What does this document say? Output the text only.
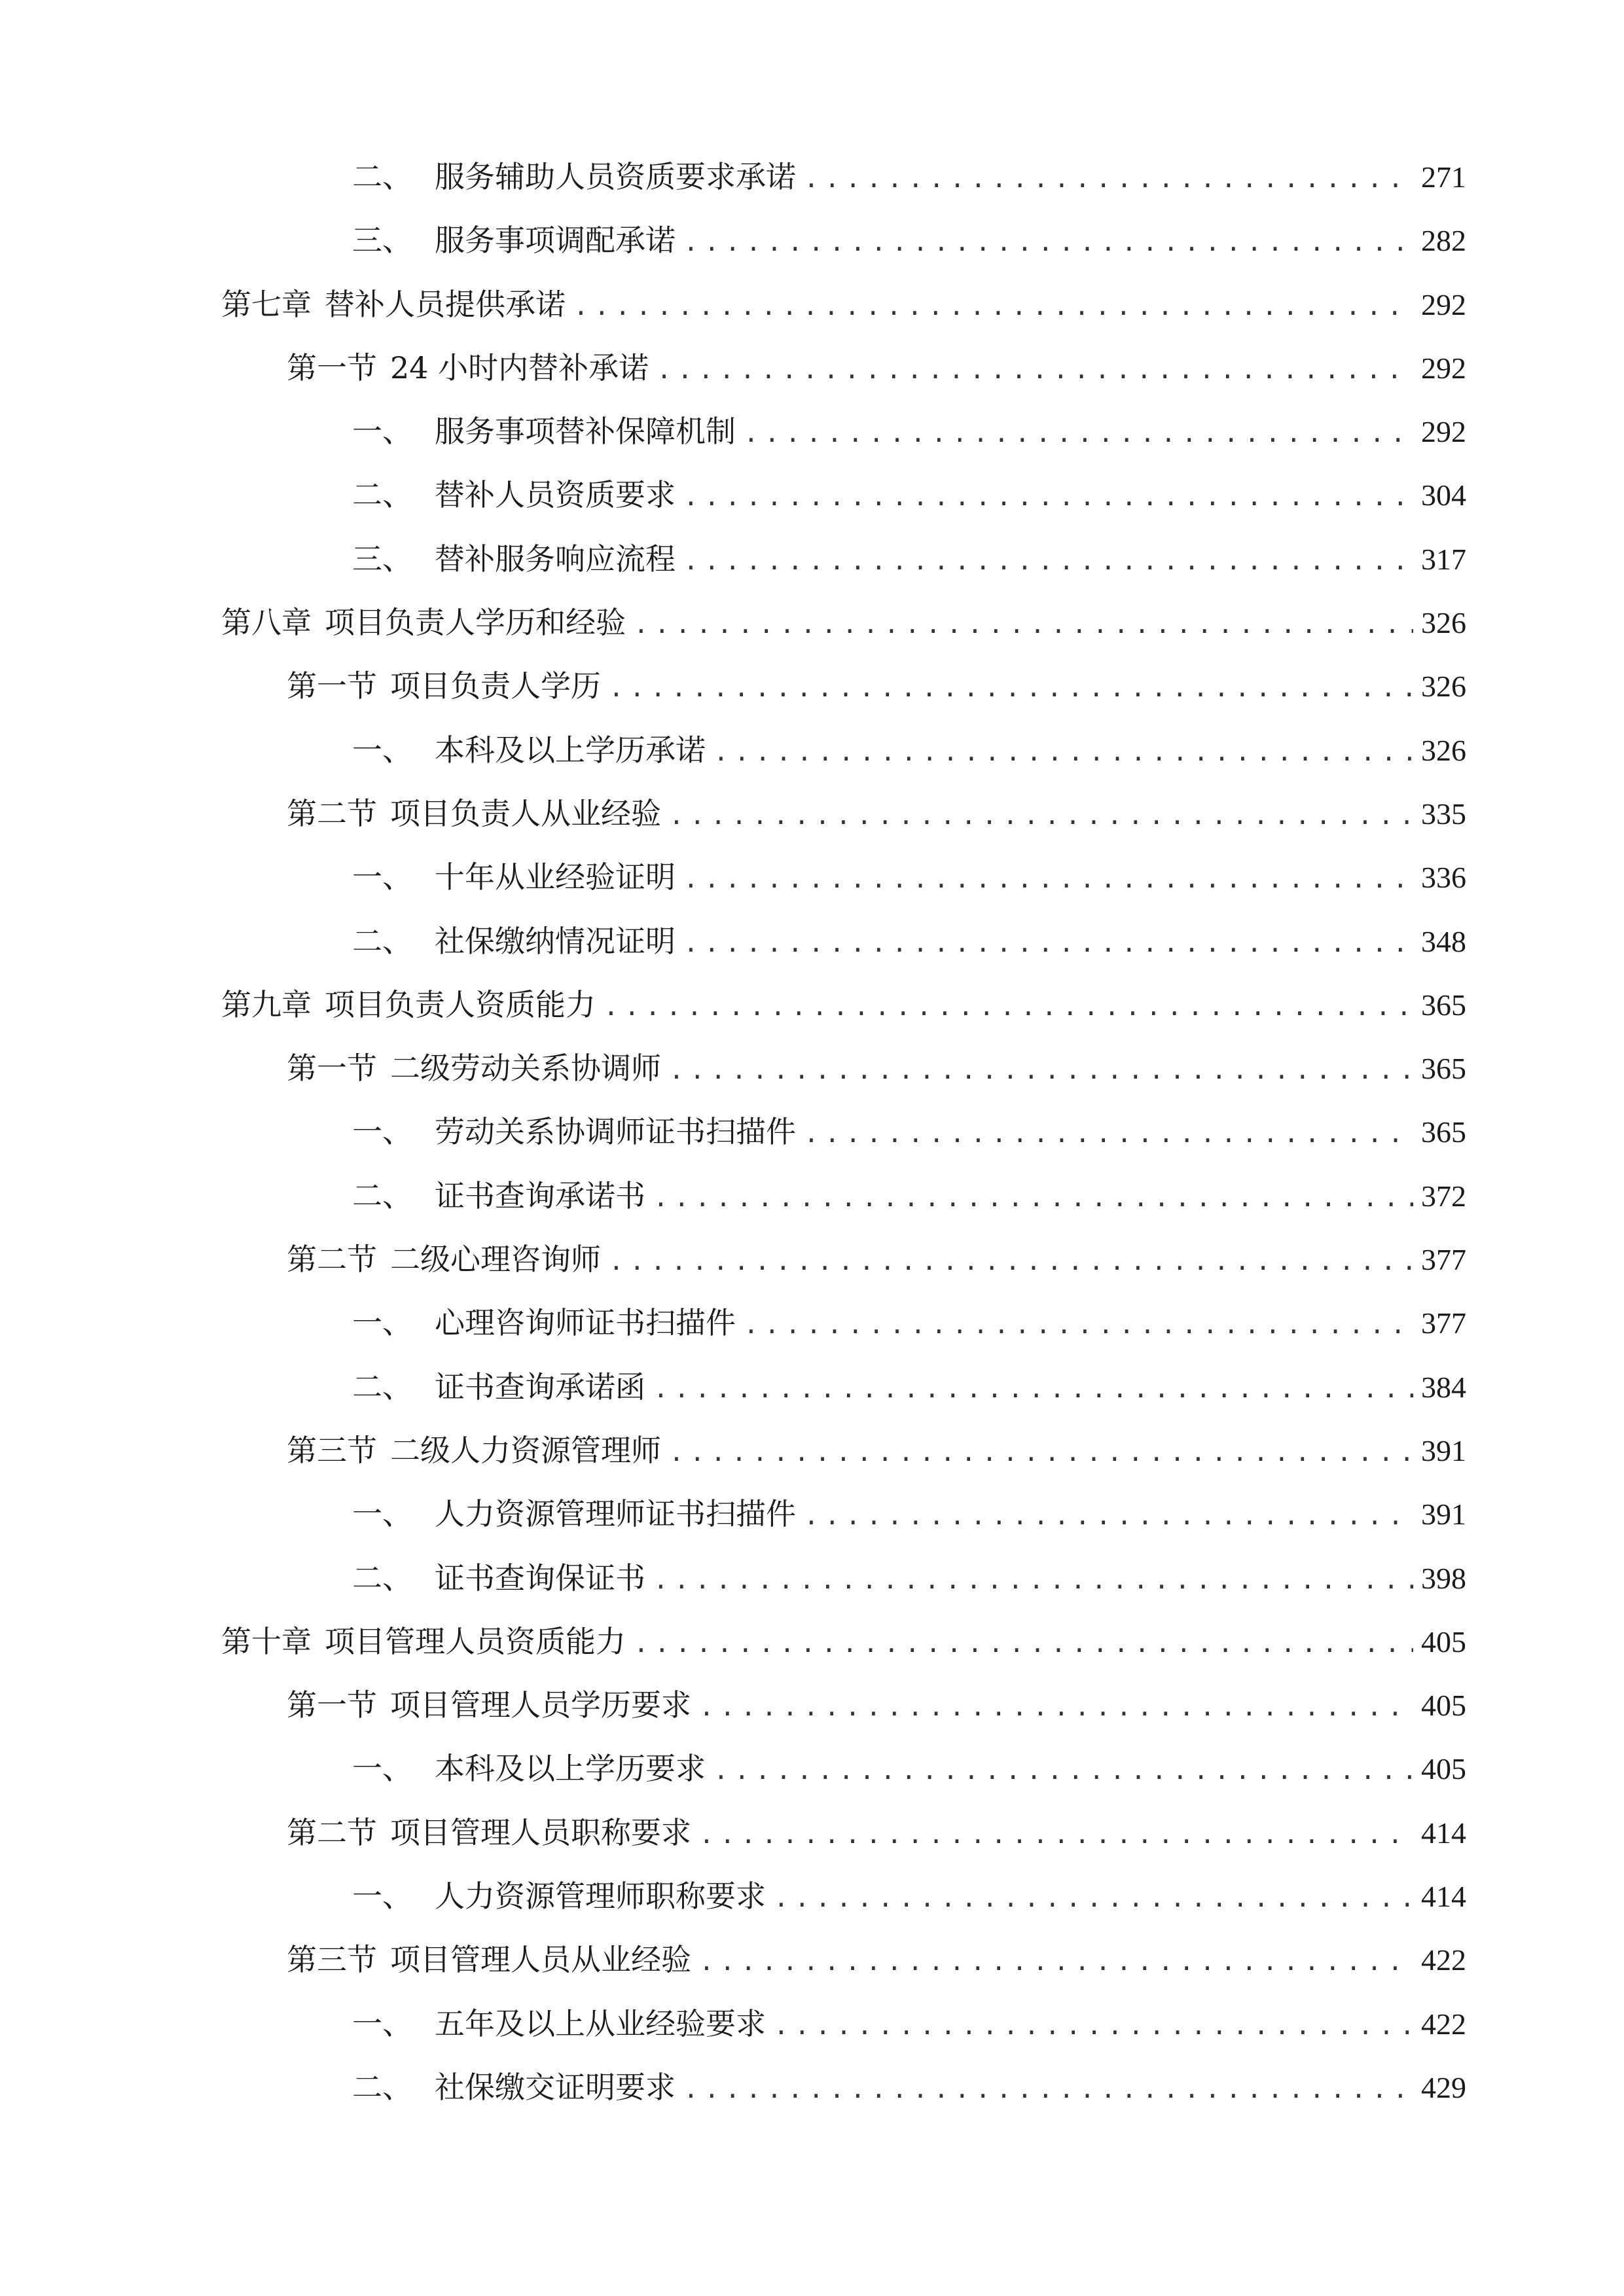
二、 服务辅助人员资质要求承诺 .....	271
三、 服务事项调配承诺 .....	282
第七章 替补人员提供承诺 .....	292
第一节 24 小时内替补承诺 .....	292
一、 服务事项替补保障机制 .....	292
二、 替补人员资质要求 .....	304
三、 替补服务响应流程 .....	317
第八章 项目负责人学历和经验 .....	326
第一节 项目负责人学历 .....	326
一、 本科及以上学历承诺 .....	326
第二节 项目负责人从业经验 .....	335
一、 十年从业经验证明 .....	336
二、 社保缴纳情况证明 .....	348
第九章 项目负责人资质能力 .....	365
第一节 二级劳动关系协调师 .....	365
一、 劳动关系协调师证书扫描件 .....	365
二、 证书查询承诺书 .....	372
第二节 二级心理咨询师 .....	377
一、 心理咨询师证书扫描件 .....	377
二、 证书查询承诺函 .....	384
第三节 二级人力资源管理师 .....	391
一、 人力资源管理师证书扫描件 .....	391
二、 证书查询保证书 .....	398
第十章 项目管理人员资质能力 .....	405
第一节 项目管理人员学历要求 .....	405
一、 本科及以上学历要求 .....	405
第二节 项目管理人员职称要求 .....	414
一、 人力资源管理师职称要求 .....	414
第三节 项目管理人员从业经验 .....	422
一、 五年及以上从业经验要求 .....	422
二、 社保缴交证明要求 .....	429
